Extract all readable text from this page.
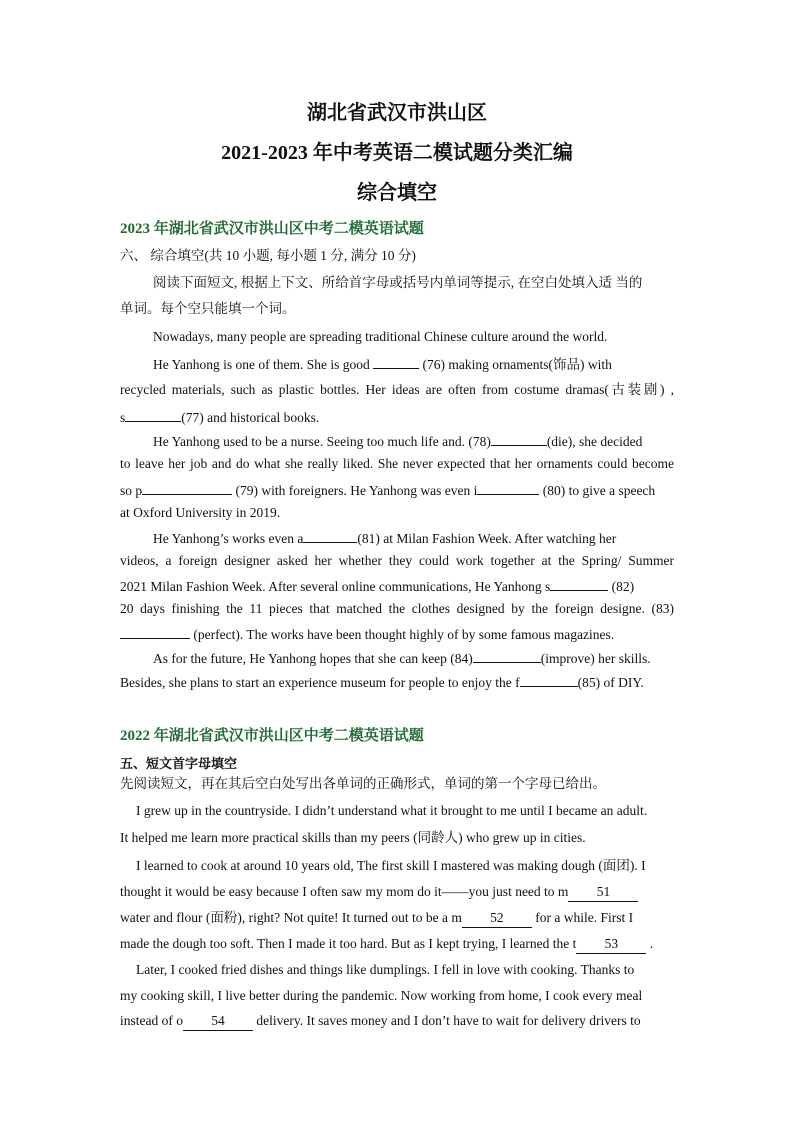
湖北省武汉市洪山区
2021-2023 年中考英语二模试题分类汇编
综合填空
2023 年湖北省武汉市洪山区中考二模英语试题
六、 综合填空(共 10 小题, 每小题 1 分, 满分 10 分)
阅读下面短文, 根据上下文、所给首字母或括号内单词等提示, 在空白处填入适 当的
单词。每个空只能填一个词。
Nowadays, many people are spreading traditional Chinese culture around the world.
He Yanhong is one of them. She is good	(76) making ornaments(饰品) with
recycled materials, such as plastic bottles. Her ideas are often from costume dramas(古装剧) ,
s	(77) and historical books.
He Yanhong used to be a nurse. Seeing too much life and. (78)	(die), she decided
to leave her job and do what she really liked. She never expected that her ornaments could become
so p	(79) with foreigners. He Yanhong was even i	(80) to give a speech
at Oxford University in 2019.
He Yanhong’s works even a	(81) at Milan Fashion Week. After watching her
videos, a foreign designer asked her whether they could work together at the Spring/ Summer
2021 Milan Fashion Week. After several online communications, He Yanhong s	(82)
20 days finishing the 11 pieces that matched the clothes designed by the foreign designe. (83)
(perfect). The works have been thought highly of by some famous magazines.
As for the future, He Yanhong hopes that she can keep (84)	(improve) her skills.
Besides, she plans to start an experience museum for people to enjoy the f	(85) of DIY.
2022 年湖北省武汉市洪山区中考二模英语试题
五、短文首字母填空
先阅读短文，再在其后空白处写出各单词的正确形式，单词的第一个字母已给出。
I grew up in the countryside. I didn’t understand what it brought to me until I became an adult.
It helped me learn more practical skills than my peers (同龄人) who grew up in cities.
I learned to cook at around 10 years old, The first skill I mastered was making dough (面团). I
thought it would be easy because I often saw my mom do it——you just need to m 51
water and flour (面粉), right? Not quite! It turned out to be a m 52 for a while. First I
made the dough too soft. Then I made it too hard. But as I kept trying, I learned the t 53 .
Later, I cooked fried dishes and things like dumplings. I fell in love with cooking. Thanks to
my cooking skill, I live better during the pandemic. Now working from home, I cook every meal
instead of o 54 delivery. It saves money and I don’t have to wait for delivery drivers to
